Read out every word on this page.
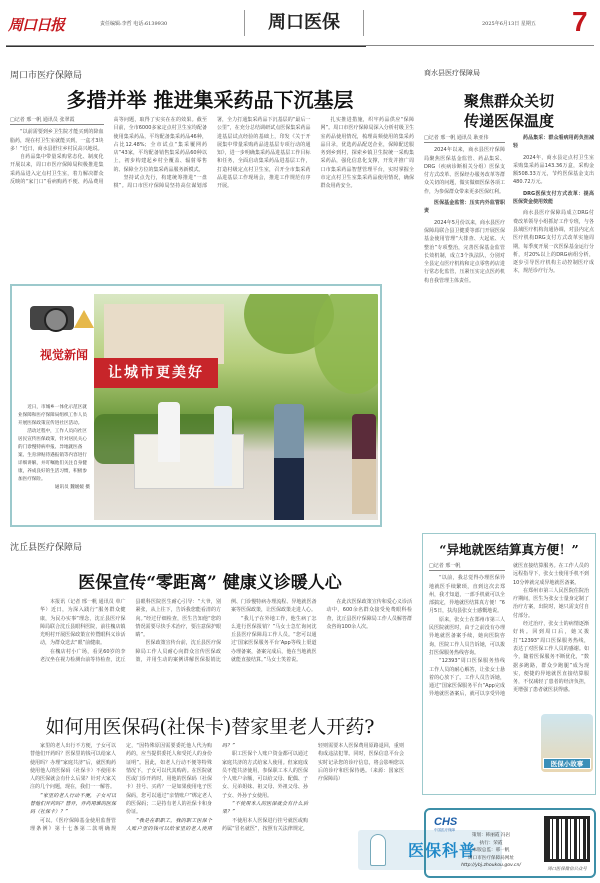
周口日报	责任编辑:李哲 电话:6139930	周口医保	2025年6月13日 星期五 7
周口市医疗保障局
多措并举 推进集采药品下沉基层
□记者 邢一帆 通讯员 张翠霞

“以前需要到乡卫生院才能买到的降血脂药，现在村卫生室就能买到，一盒才3块多！”近日，商水县舒庄乡村民高兴地说。

自药品集中带量采购常态化、制度化开展以来，周口市医疗保障局积极推进集采药品进入定点村卫生室，着力解决群众反映的“家门口”看病购药不便、药品费用高等问题，取得了实实在在的效果。截至目前，全市6000多家定点村卫生室均配备使用集采药品，平均配备集采药品46种，占比12.48%；全市试点“集采覆网药店”43家，平均配备销售集采药品60种以上，初步构建起乡村全覆盖、辐射零售的、保障全方位的集采药品服务新模式。

坚持试点先行，构建统筹推进“一盘棋”。周口市医疗保障局坚持高位谋划部署，全力打通集采药品下沉基层的“最后一公里”，在充分总结调研试点医保集采药品进基层试点经验的基础上，印发《关于开展集中带量采购药品进基层专项行动的通知》，进一步明确集采药品进基层工作目标和任务，全面启动集采药品进基层工作，打造村级定点村卫生室，召开全市集采药品进基层工作现场会，推进工作规范有序开展。

扎实推进措施，织牢药品供应“保障网”。周口市医疗保障局深入分析村级卫生室药品使用情况，梳理高频使用的集采药品目录，优选药品配送企业，保障配送服务到乡到村，探索乡镇卫生院统一采购集采药品，强化信息化支撑，开发并推广周口市集采药品智慧管理平台，实时掌握全市定点村卫生室集采药品使用情况，确保群众用药安全。

视觉新闻

近日，市城乡一体化示范区就业保障和医疗保障局组织工作人员开展医保政策宣传进社区活动。

活动过程中，工作人员向社区居民宣传医保政策，针对居民关心的门诊慢特病申报、异地就医备案、生育津贴待遇报销等内容进行详细讲解，并叮嘱他们关注自身健康，养成良好的生活习惯，积极参加医疗保险。

通讯员 魏媛媛 摄
让城市更美好
沈丘县医疗保障局
医保宣传“零距离” 健康义诊暖人心

本报讯（记者 邢一帆 通讯员 单广华）近日，为深入践行“服务群众健康，为民办实事”理念，沈丘县医疗保障局联合沈丘县眼科医院，前往槐店镇光明村开展医保政策宣传暨眼科义诊活动，为群众送去“眼”前健康。

在槐店村小广场，看见60岁的李老汉坐在视力检测台前等待检查，沈丘县眼科医院医生耐心引导：“大爷，别紧张，从上往下，告诉我您能看清的方向。”经过仔细检查，医生告知他“您的情况需要尽快手术治疗，要注意保护眼睛”。

医保政策宣传台前，沈丘县医疗保障局工作人员耐心向群众宣传医保政策，并用生动的案例讲解医保报销比例、门诊慢特病办理流程、异地就医备案等医保政策，让医保政策走进人心。

“我儿子在外地工作，他生病了怎么进行医保报销？”马女士急忙询问沈丘县医疗保障局工作人员。“您可以通过‘国家医保服务平台’App等线上渠道办理备案，备案完成后，他在当地就医就能直接结算。”马女士笑着说。

在此次医保政策宣传和爱心义诊活动中，600余名群众接受免费眼科检查，沈丘县医疗保障局工作人员解答群众咨询100余人次。

如何用医保码(社保卡)替家里老人开药?

家里的老人出行不方便，子女可以替他们开药吗？医保里的钱可以给家人使用吗？办理“家庭共济”后，就医购药使用他人的医保码（社保卡）不使用本人的医保就会有什么后果？针对大家关注的几个问题，现在，我们一一解答。

“家里的老人行动不便，子女可以替他们开药吗？替开，开药用谁的医保码（社保卡）？”

可以。《医疗保障基金使用监督管理条例》第十七条第二款明确规定，“因特殊原因需要委托他人代为购药的，应当提供委托人和受托人的身份证明”。因此，如老人行动不便等特殊情况下，子女可以代其购药。在医院就医或门诊开药时，用他的医保码（社保卡）挂号、买药？一是如果使用电子医保码，您可以通过“亲情账户”绑定老人的医保码；二是持有老人的社保卡和身份证。

“我是在职职工，我的职工医保个人账户里的钱可以给家里的老人使用吗？”

职工医保个人账户资金都可以通过家庭共济的方式给家人使用。但家庭成员不能共济使用，参保职工本人的医保个人账户余额，可以给父母、配偶、子女、兄弟姐妹、祖父母、外祖父母、孙子女、外孙子女使用。

“不使用本人的医保就会有什么后果？”

不使用本人医保进行挂号就医或购药属“冒名就医”，按照有关法律规定，轻则需要本人医保费用原路退回，重则构成违法犯罪。同时，医保信息平台会实时记录您的诊疗信息，将会影响您以后的诊疗和医保待遇。（来源：国家医疗保障局）

医保科普
商水县医疗保障局
聚焦群众关切
传递医保温度
□记者 邢一帆 通讯员 耿亚伟

2024年以来，商水县医疗保障局聚焦医保基金监管、药品集采、DRG（疾病诊断相关分组）医保支付方式改革、医保经办服务改革等群众关切的问题，做实做细医保各项工作，为参保群众带来更多医保红利。

医保基金监管：压实内外监管职责

2024年5月份以来，商水县医疗保障局联合县卫健委等部门开展医保基金使用管理“大排查、大起底、大整治”专项整治，完善医保基金监管长效机制，成立3个执法队，分别对全县定点医疗机构和定点零售药店进行常态化监管，压紧压实定点医药机构自我管理主体责任。

药品集采：群众看病用药负担减轻

2024年，商水县定点村卫生室采购集采药品143.36万盒，采购金额508.33万元，节约医保基金支出480.72万元。

DRG医保支付方式改革：提高医保资金使用效能

商水县医疗保障局成立DRG付费改革领导小组抓好工作专班，与各县域医疗机构沟通协调，对县内定点医疗机构DRG支付方式改革实施周期，每季度开展一次医保基金运行分析，对20%以上的DRG病组分析，逐步引导医疗机构主动控制医疗成本，规范诊疗行为。

“异地就医结算真方便！”
□记者 邢一帆

“以前，我总觉得办理医保异地就医手续繁琐，直到这次去郑州，我才知道，一部手机就可以全部搞定，异地就医结算真方便！”6月5日，扶沟县张女士感慨地说。

原来，张女士在郑州市第三人民医院就医时，由于之前没有办理异地就医备案手续，她向医院咨询，医院工作人员告诉她，可以拨打医保服务热线咨询。

“12393”周口医保服务热线工作人员的耐心解答，让张女士悬着的心放下了。工作人员告诉她，通过“国家医保服务平台”App完成异地就医备案后，就可以享受异地就医直接结算服务。在工作人员的远程指导下，张女士使用手机不到10分钟就完成异地就医备案。

在郑州市第三人民医院住院治疗期间，医生为张女士量身定制了治疗方案，出院时，她只需支付自付部分。

经过治疗，张女士的病情逐渐好转。回到周口后，她又拨打“12393”周口医保服务热线，表达了对医保工作人员的感谢。如今，随着医保服务不断优化，“数据多跑路，群众少跑腿”成为现实，便捷的异地就医直接结算服务，不仅减轻了患者的经济负担，更增强了患者就医获得感。

医保小故事
CHS
中国医疗保障
策划：韩丽霞 冯岩
执行：荣霞
本版总监：邢一帆
周口市医疗保障局网址
http://ybj.zhoukou.gov.cn/
周口医保微信公众号
